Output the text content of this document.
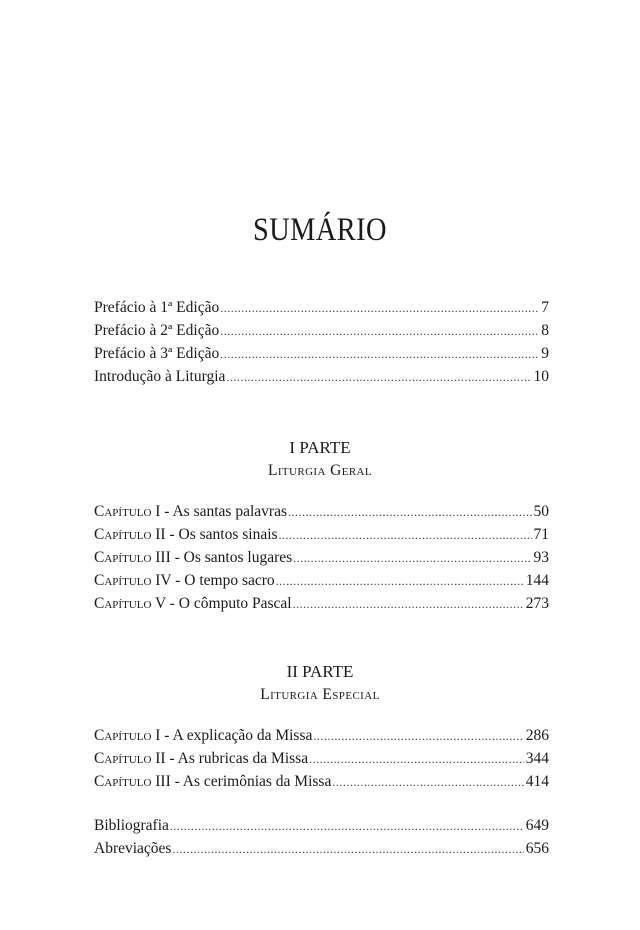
SUMÁRIO
Prefácio à 1ª Edição .....	7
Prefácio à 2ª Edição .....	8
Prefácio à 3ª Edição .....	9
Introdução à Liturgia .....	10
I PARTE
Liturgia Geral
Capítulo I - As santas palavras .....	50
Capítulo II - Os santos sinais .....	71
Capítulo III - Os santos lugares .....	93
Capítulo IV - O tempo sacro .....	144
Capítulo V - O cômputo Pascal .....	273
II PARTE
Liturgia Especial
Capítulo I - A explicação da Missa .....	286
Capítulo II - As rubricas da Missa .....	344
Capítulo III - As cerimônias da Missa .....	414
Bibliografia .....	649
Abreviações .....	656
